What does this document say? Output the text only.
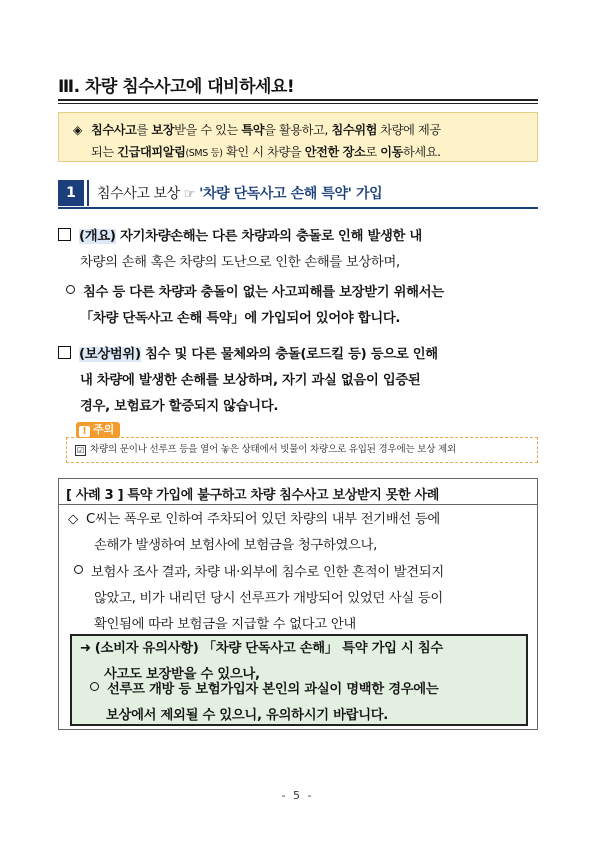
Ⅲ. 차량 침수사고에 대비하세요!
◈ 침수사고를 보장받을 수 있는 특약을 활용하고, 침수위험 차량에 제공
되는 긴급대피알림(SMS 등) 확인 시 차량을 안전한 장소로 이동하세요.
1	침수사고 보상 ☞ '차량 단독사고 손해 특약' 가입
(개요) 자기차량손해는 다른 차량과의 충돌로 인해 발생한 내
차량의 손해 혹은 차량의 도난으로 인한 손해를 보상하며,
침수 등 다른 차량과 충돌이 없는 사고피해를 보장받기 위해서는
「차량 단독사고 손해 특약」에 가입되어 있어야 합니다.
(보상범위) 침수 및 다른 물체와의 충돌(로드킬 등) 등으로 인해
내 차량에 발생한 손해를 보상하며, 자기 과실 없음이 입증된
경우, 보험료가 할증되지 않습니다.
☑ 차량의 문이나 선루프 등을 열어 놓은 상태에서 빗물이 차량으로 유입된 경우에는 보상 제외
! 주의
[ 사례 3 ] 특약 가입에 불구하고 차량 침수사고 보상받지 못한 사례
◇ C씨는 폭우로 인하여 주차되어 있던 차량의 내부 전기배선 등에
손해가 발생하여 보험사에 보험금을 청구하였으나,
보험사 조사 결과, 차량 내·외부에 침수로 인한 흔적이 발견되지
않았고, 비가 내리던 당시 선루프가 개방되어 있었던 사실 등이
확인됨에 따라 보험금을 지급할 수 없다고 안내
➜ (소비자 유의사항) 「차량 단독사고 손해」 특약 가입 시 침수
사고도 보장받을 수 있으나,
선루프 개방 등 보험가입자 본인의 과실이 명백한 경우에는
보상에서 제외될 수 있으니, 유의하시기 바랍니다.
- 5 -
